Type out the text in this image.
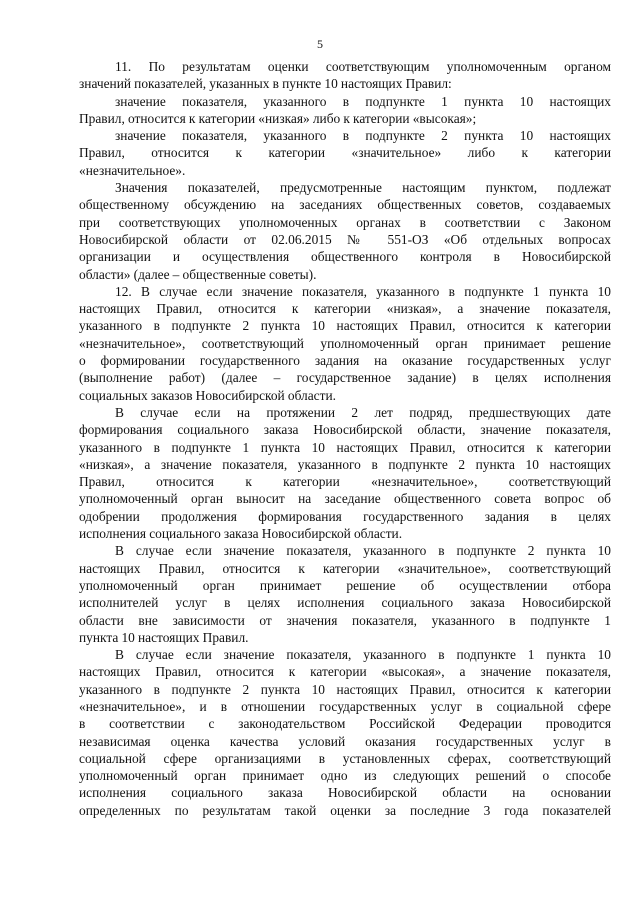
5
11. По результатам оценки соответствующим уполномоченным органом
значений показателей, указанных в пункте 10 настоящих Правил:
значение показателя, указанного в подпункте 1 пункта 10 настоящих
Правил, относится к категории «низкая» либо к категории «высокая»;
значение показателя, указанного в подпункте 2 пункта 10 настоящих
Правил, относится к категории «значительное» либо к категории
«незначительное».
Значения показателей, предусмотренные настоящим пунктом, подлежат
общественному обсуждению на заседаниях общественных советов, создаваемых
при соответствующих уполномоченных органах в соответствии с Законом
Новосибирской области от 02.06.2015 № 551-ОЗ «Об отдельных вопросах
организации и осуществления общественного контроля в Новосибирской
области» (далее – общественные советы).
12. В случае если значение показателя, указанного в подпункте 1 пункта 10
настоящих Правил, относится к категории «низкая», а значение показателя,
указанного в подпункте 2 пункта 10 настоящих Правил, относится к категории
«незначительное», соответствующий уполномоченный орган принимает решение
о формировании государственного задания на оказание государственных услуг
(выполнение работ) (далее – государственное задание) в целях исполнения
социальных заказов Новосибирской области.
В случае если на протяжении 2 лет подряд, предшествующих дате
формирования социального заказа Новосибирской области, значение показателя,
указанного в подпункте 1 пункта 10 настоящих Правил, относится к категории
«низкая», а значение показателя, указанного в подпункте 2 пункта 10 настоящих
Правил, относится к категории «незначительное», соответствующий
уполномоченный орган выносит на заседание общественного совета вопрос об
одобрении продолжения формирования государственного задания в целях
исполнения социального заказа Новосибирской области.
В случае если значение показателя, указанного в подпункте 2 пункта 10
настоящих Правил, относится к категории «значительное», соответствующий
уполномоченный орган принимает решение об осуществлении отбора
исполнителей услуг в целях исполнения социального заказа Новосибирской
области вне зависимости от значения показателя, указанного в подпункте 1
пункта 10 настоящих Правил.
В случае если значение показателя, указанного в подпункте 1 пункта 10
настоящих Правил, относится к категории «высокая», а значение показателя,
указанного в подпункте 2 пункта 10 настоящих Правил, относится к категории
«незначительное», и в отношении государственных услуг в социальной сфере
в соответствии с законодательством Российской Федерации проводится
независимая оценка качества условий оказания государственных услуг в
социальной сфере организациями в установленных сферах, соответствующий
уполномоченный орган принимает одно из следующих решений о способе
исполнения социального заказа Новосибирской области на основании
определенных по результатам такой оценки за последние 3 года показателей
